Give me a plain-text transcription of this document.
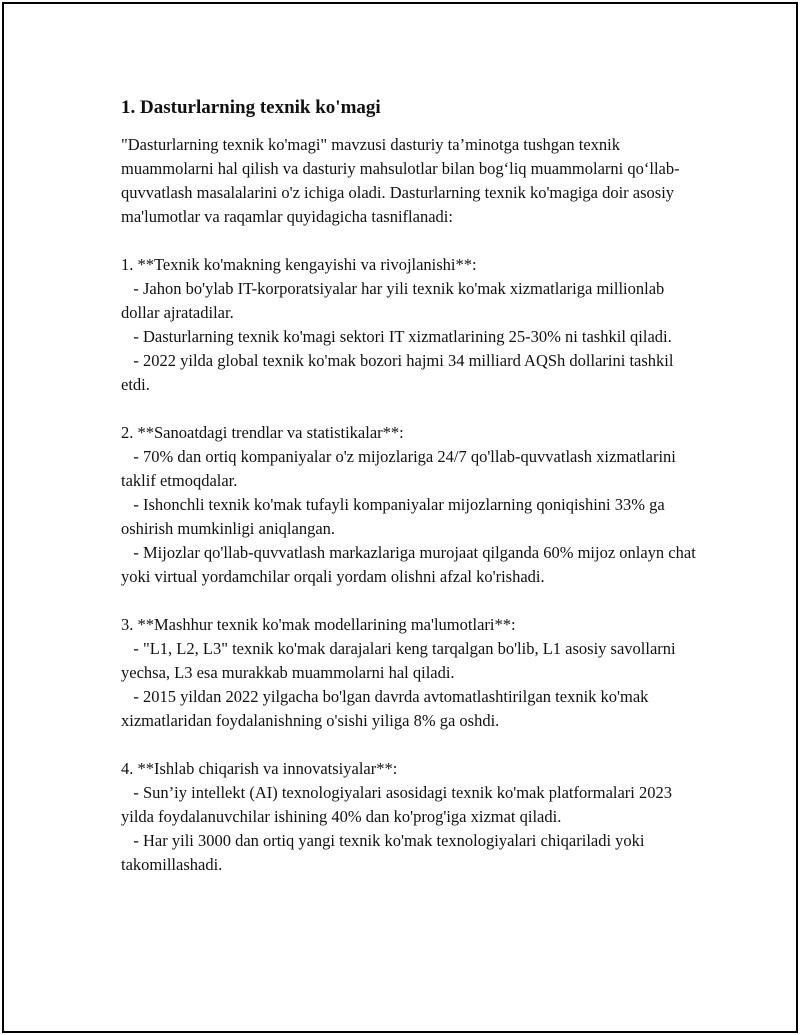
1. Dasturlarning texnik ko'magi

"Dasturlarning texnik ko'magi" mavzusi dasturiy ta’minotga tushgan texnik muammolarni hal qilish va dasturiy mahsulotlar bilan bog‘liq muammolarni qo‘llab-quvvatlash masalalarini o'z ichiga oladi. Dasturlarning texnik ko'magiga doir asosiy ma'lumotlar va raqamlar quyidagicha tasniflanadi:

1. **Texnik ko'makning kengayishi va rivojlanishi**:

- Jahon bo'ylab IT-korporatsiyalar har yili texnik ko'mak xizmatlariga millionlab dollar ajratadilar.

- Dasturlarning texnik ko'magi sektori IT xizmatlarining 25-30% ni tashkil qiladi.

- 2022 yilda global texnik ko'mak bozori hajmi 34 milliard AQSh dollarini tashkil etdi.

2. **Sanoatdagi trendlar va statistikalar**:

- 70% dan ortiq kompaniyalar o'z mijozlariga 24/7 qo'llab-quvvatlash xizmatlarini taklif etmoqdalar.

- Ishonchli texnik ko'mak tufayli kompaniyalar mijozlarning qoniqishini 33% ga oshirish mumkinligi aniqlangan.

- Mijozlar qo'llab-quvvatlash markazlariga murojaat qilganda 60% mijoz onlayn chat yoki virtual yordamchilar orqali yordam olishni afzal ko'rishadi.

3. **Mashhur texnik ko'mak modellarining ma'lumotlari**:

- "L1, L2, L3" texnik ko'mak darajalari keng tarqalgan bo'lib, L1 asosiy savollarni yechsa, L3 esa murakkab muammolarni hal qiladi.

- 2015 yildan 2022 yilgacha bo'lgan davrda avtomatlashtirilgan texnik ko'mak xizmatlaridan foydalanishning o'sishi yiliga 8% ga oshdi.

4. **Ishlab chiqarish va innovatsiyalar**:

- Sun’iy intellekt (AI) texnologiyalari asosidagi texnik ko'mak platformalari 2023 yilda foydalanuvchilar ishining 40% dan ko'prog'iga xizmat qiladi.

- Har yili 3000 dan ortiq yangi texnik ko'mak texnologiyalari chiqariladi yoki takomillashadi.
